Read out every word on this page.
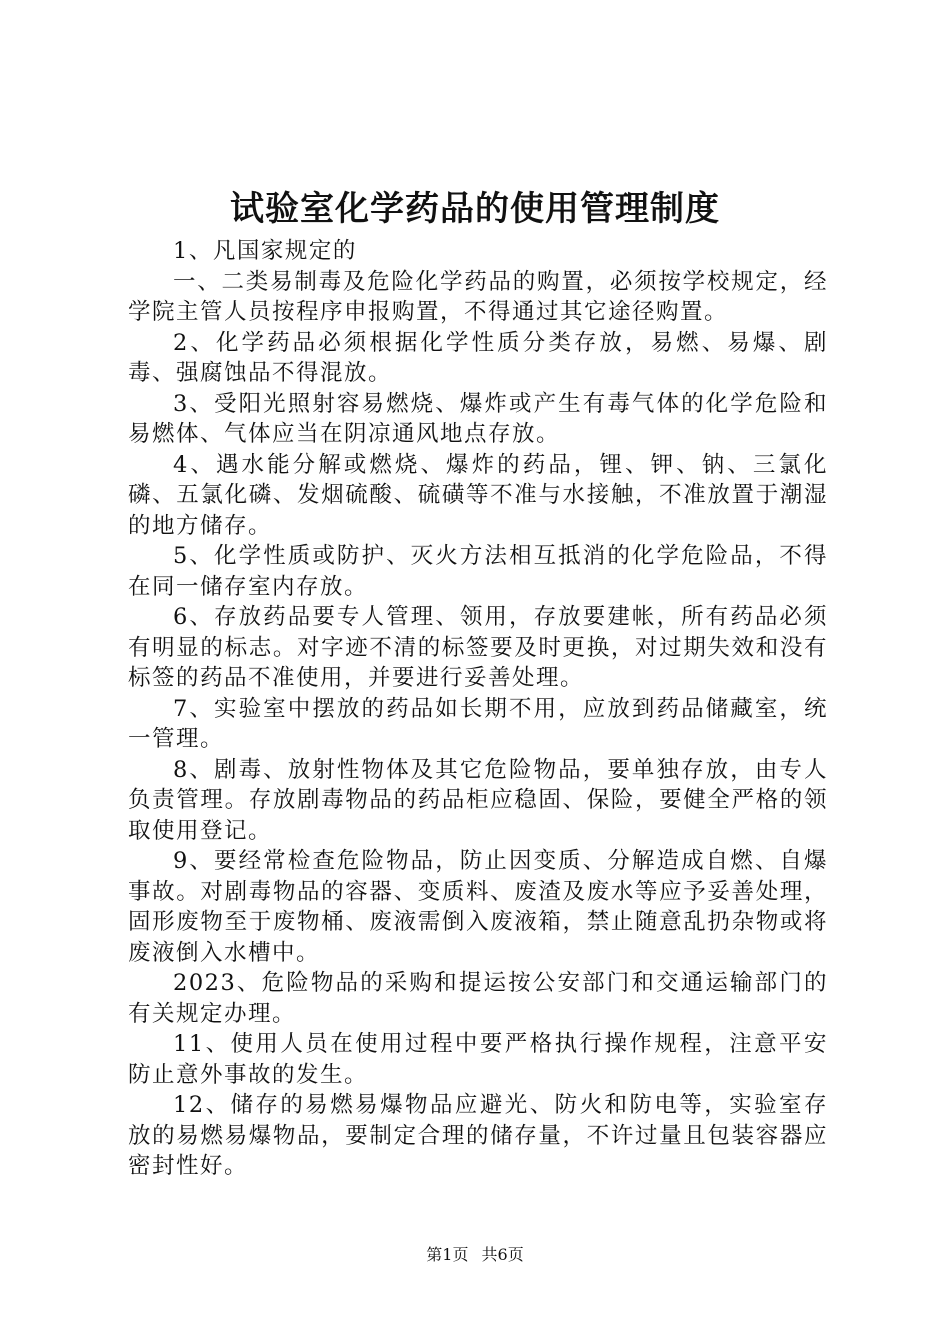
试验室化学药品的使用管理制度

1、凡国家规定的

一、二类易制毒及危险化学药品的购置，必须按学校规定，经学院主管人员按程序申报购置，不得通过其它途径购置。

2、化学药品必须根据化学性质分类存放，易燃、易爆、剧毒、强腐蚀品不得混放。

3、受阳光照射容易燃烧、爆炸或产生有毒气体的化学危险和易燃体、气体应当在阴凉通风地点存放。

4、遇水能分解或燃烧、爆炸的药品，锂、钾、钠、三氯化磷、五氯化磷、发烟硫酸、硫磺等不准与水接触，不准放置于潮湿的地方储存。

5、化学性质或防护、灭火方法相互抵消的化学危险品，不得在同一储存室内存放。

6、存放药品要专人管理、领用，存放要建帐，所有药品必须有明显的标志。对字迹不清的标签要及时更换，对过期失效和没有标签的药品不准使用，并要进行妥善处理。

7、实验室中摆放的药品如长期不用，应放到药品储藏室，统一管理。

8、剧毒、放射性物体及其它危险物品，要单独存放，由专人负责管理。存放剧毒物品的药品柜应稳固、保险，要健全严格的领取使用登记。

9、要经常检查危险物品，防止因变质、分解造成自燃、自爆事故。对剧毒物品的容器、变质料、废渣及废水等应予妥善处理，固形废物至于废物桶、废液需倒入废液箱，禁止随意乱扔杂物或将废液倒入水槽中。

2023、危险物品的采购和提运按公安部门和交通运输部门的有关规定办理。

11、使用人员在使用过程中要严格执行操作规程，注意平安防止意外事故的发生。

12、储存的易燃易爆物品应避光、防火和防电等，实验室存放的易燃易爆物品，要制定合理的储存量，不许过量且包装容器应密封性好。

第1页 共6页
